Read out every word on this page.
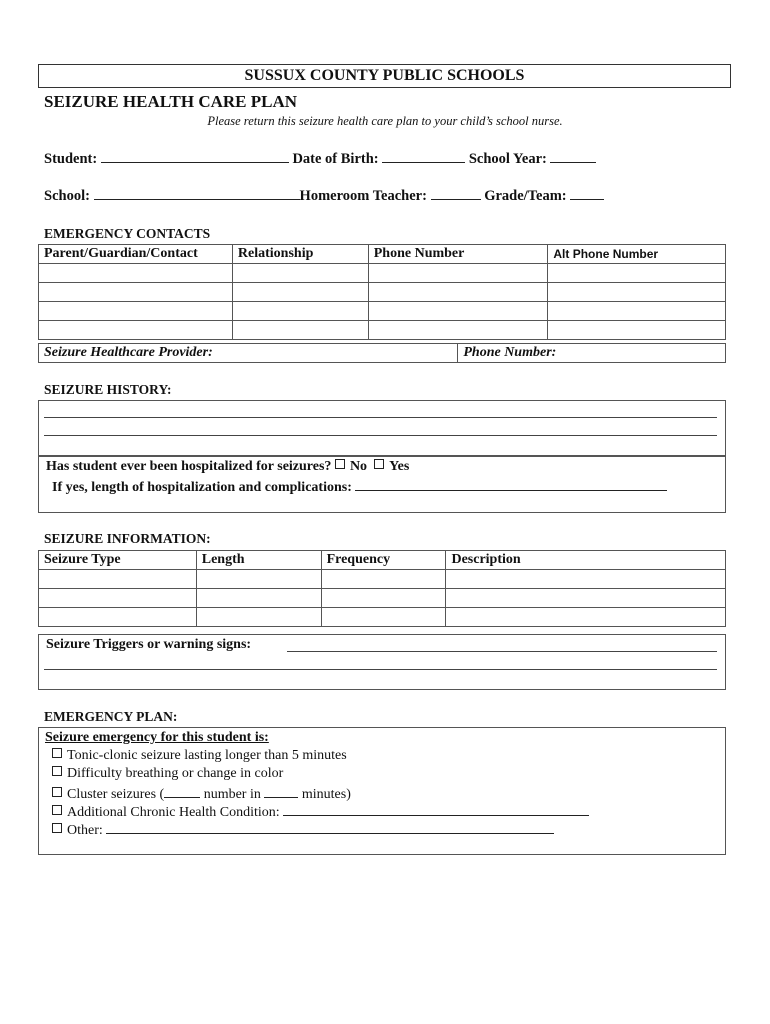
SUSSUX COUNTY PUBLIC SCHOOLS
SEIZURE HEALTH CARE PLAN
Please return this seizure health care plan to your child’s school nurse.
Student:	Date of Birth:	School Year:
School:	Homeroom Teacher:	Grade/Team:
EMERGENCY CONTACTS
Parent/Guardian/Contact	Relationship	Phone Number	Alt Phone Number

Seizure Healthcare Provider:	Phone Number:
SEIZURE HISTORY:
Has student ever been hospitalized for seizures? No Yes
If yes, length of hospitalization and complications:
SEIZURE INFORMATION:
Seizure Type	Length	Frequency	Description

Seizure Triggers or warning signs:
EMERGENCY PLAN:
Seizure emergency for this student is:
Tonic-clonic seizure lasting longer than 5 minutes
Difficulty breathing or change in color
Cluster seizures (	number in	minutes)
Additional Chronic Health Condition:
Other:
